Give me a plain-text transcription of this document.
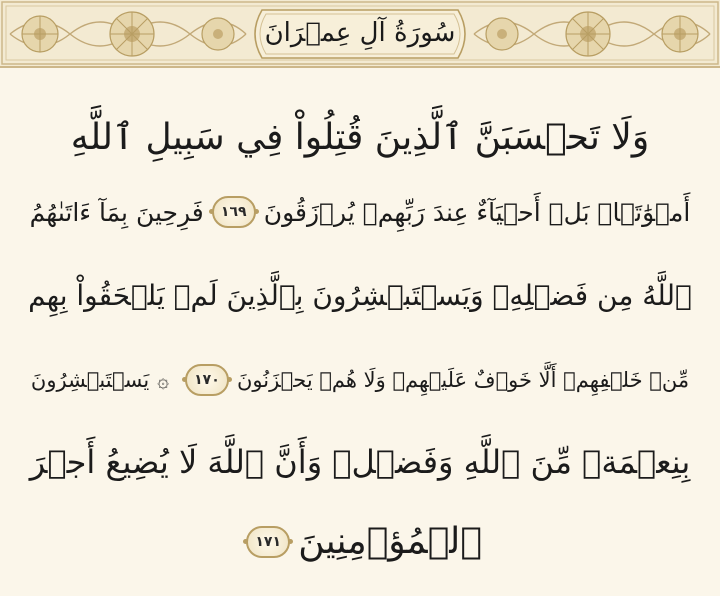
سُورَةُ آلِ عِمۡرَانَ
وَلَا تَحۡسَبَنَّ ٱلَّذِينَ قُتِلُواْ فِي سَبِيلِ ٱللَّهِ
أَمۡوَٰتَۢاۚ بَلۡ أَحۡيَآءٌ عِندَ رَبِّهِمۡ يُرۡزَقُونَ
١٦٩
فَرِحِينَ بِمَآ ءَاتَىٰهُمُ
ٱللَّهُ مِن فَضۡلِهِۦ وَيَسۡتَبۡشِرُونَ بِٱلَّذِينَ لَمۡ يَلۡحَقُواْ بِهِم
مِّنۡ خَلۡفِهِمۡ أَلَّا خَوۡفٌ عَلَيۡهِمۡ وَلَا هُمۡ يَحۡزَنُونَ
١٧٠
۞
يَسۡتَبۡشِرُونَ
بِنِعۡمَةٖ مِّنَ ٱللَّهِ وَفَضۡلٖ وَأَنَّ ٱللَّهَ لَا يُضِيعُ أَجۡرَ
ٱلۡمُؤۡمِنِينَ
١٧١
